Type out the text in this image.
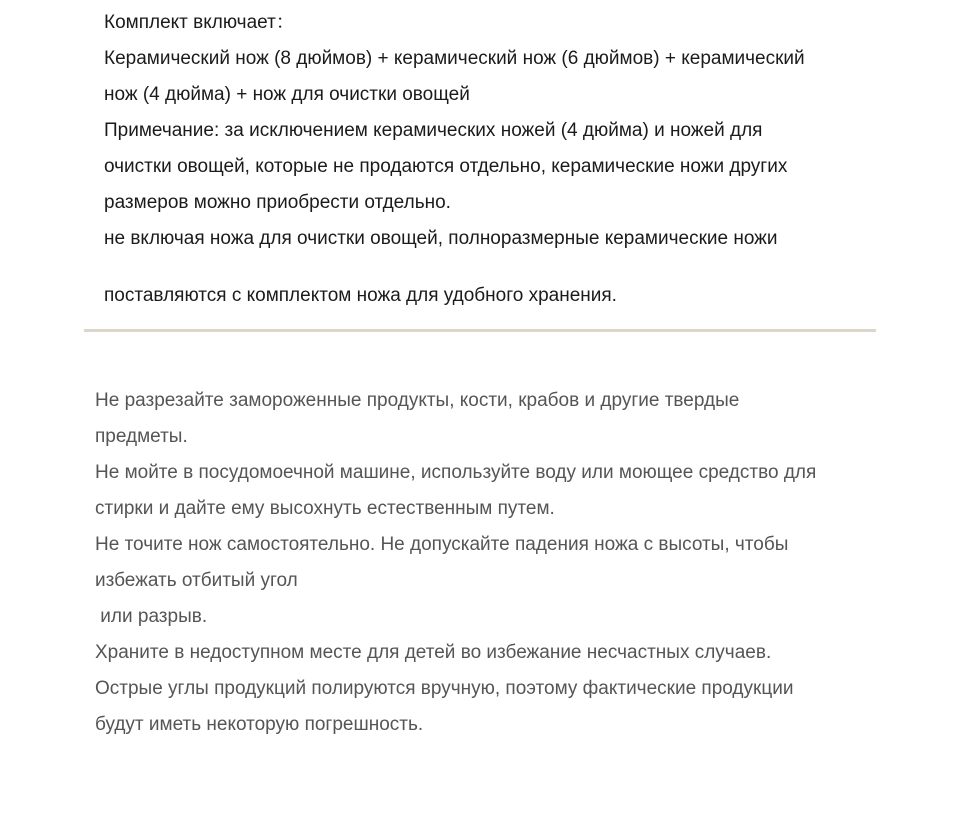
Комплект включает：
Керамический нож (8 дюймов) + керамический нож (6 дюймов) + керамический
нож (4 дюйма) + нож для очистки овощей
Примечание: за исключением керамических ножей (4 дюйма) и ножей для
очистки овощей, которые не продаются отдельно, керамические ножи других
размеров можно приобрести отдельно.
не включая ножа для очистки овощей, полноразмерные керамические ножи
поставляются с комплектом ножа для удобного хранения.
Не разрезайте замороженные продукты, кости, крабов и другие твердые
предметы.
Не мойте в посудомоечной машине, используйте воду или моющее средство для
стирки и дайте ему высохнуть естественным путем.
Не точите нож самостоятельно. Не допускайте падения ножа с высоты, чтобы
избежать отбитый угол
или разрыв.
Храните в недоступном месте для детей во избежание несчастных случаев.
Острые углы продукций полируются вручную, поэтому фактические продукции
будут иметь некоторую погрешность.
